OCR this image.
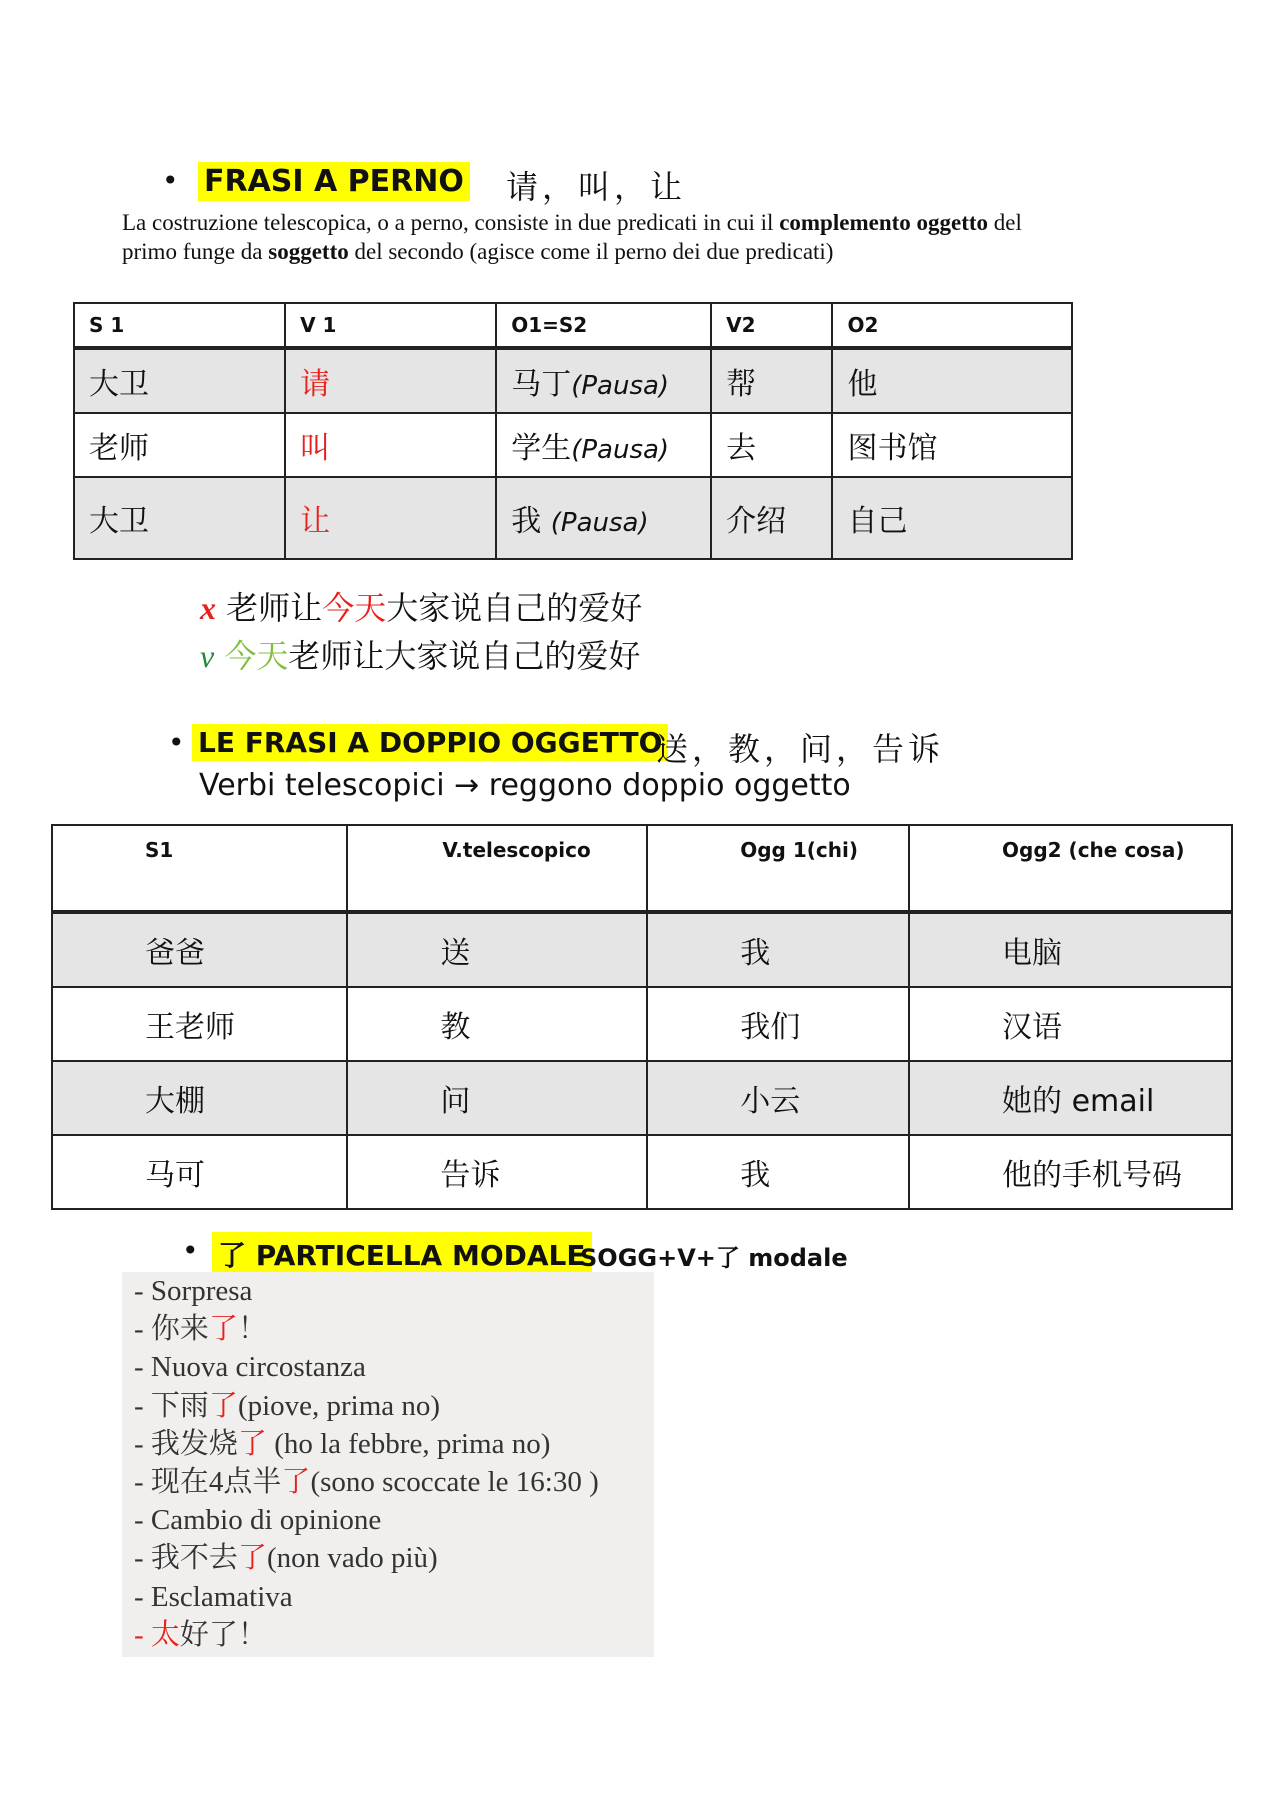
• FRASI A PERNO 请，叫，让
La costruzione telescopica, o a perno, consiste in due predicati in cui il complemento oggetto del
primo funge da soggetto del secondo (agisce come il perno dei due predicati)
S 1	V 1	O1=S2	V2	O2
大卫	请	马丁(Pausa)	帮	他
老师	叫	学生(Pausa)	去	图书馆
大卫	让	我 (Pausa)	介绍	自己
x 老师让今天大家说自己的爱好
v 今天老师让大家说自己的爱好
• LE FRASI A DOPPIO OGGETTO
送，教，问，告诉
Verbi telescopici → reggono doppio oggetto
S1	V.telescopico	Ogg 1(chi)	Ogg2 (che cosa)
爸爸	送	我	电脑
王老师	教	我们	汉语
大棚	问	小云	她的 email
马可	告诉	我	他的手机号码
• 了 PARTICELLA MODALE
SOGG+V+了 modale
- Sorpresa
- 你来了！
- Nuova circostanza
- 下雨了(piove, prima no)
- 我发烧了 (ho la febbre, prima no)
- 现在4点半了(sono scoccate le 16:30 )
- Cambio di opinione
- 我不去了(non vado più)
- Esclamativa
- 太好了！
